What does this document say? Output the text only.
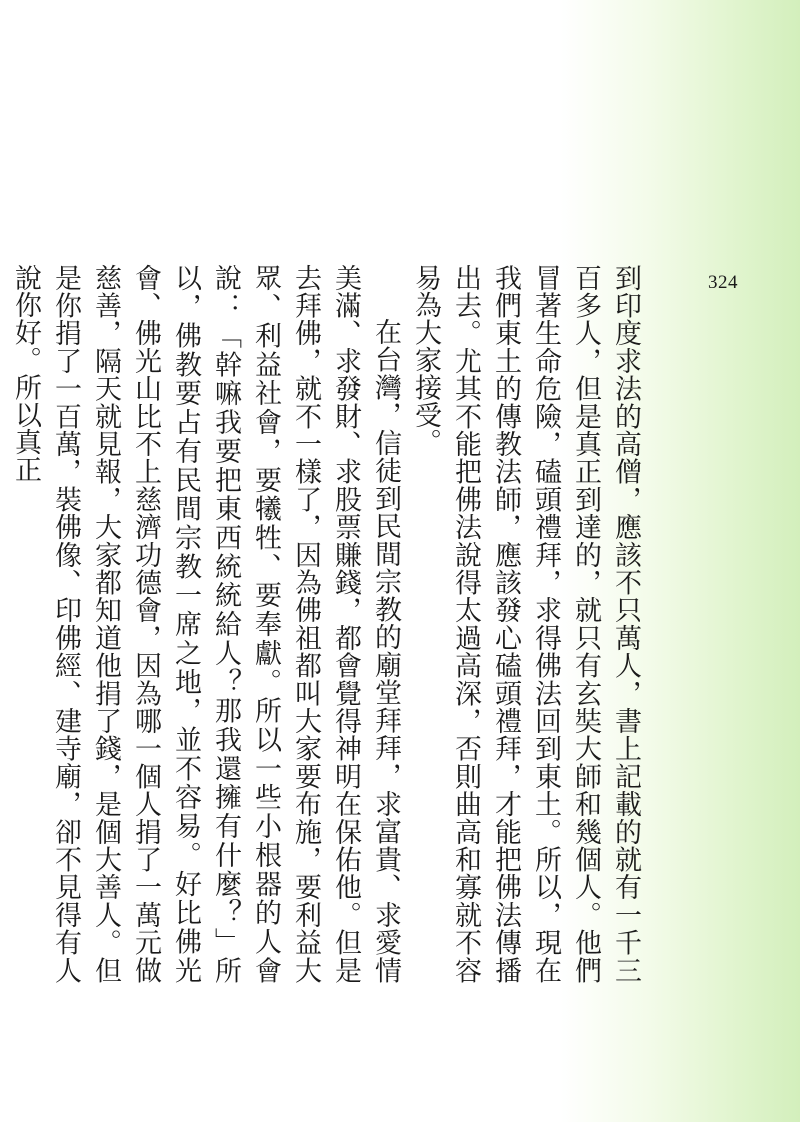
324

到印度求法的高僧，應該不只萬人，書上記載的就有一千三百多人，但是真正到達的，就只有玄奘大師和幾個人。他們冒著生命危險，磕頭禮拜，求得佛法回到東土。所以，現在我們東土的傳教法師，應該發心磕頭禮拜，才能把佛法傳播出去。尤其不能把佛法說得太過高深，否則曲高和寡就不容易為大家接受。

在台灣，信徒到民間宗教的廟堂拜拜，求富貴、求愛情美滿、求發財、求股票賺錢，都會覺得神明在保佑他。但是去拜佛，就不一樣了，因為佛祖都叫大家要布施，要利益大眾、利益社會，要犧牲、要奉獻。所以一些小根器的人會說：「幹嘛我要把東西統統給人？那我還擁有什麼？」所以，佛教要占有民間宗教一席之地，並不容易。好比佛光會、佛光山比不上慈濟功德會，因為哪一個人捐了一萬元做慈善，隔天就見報，大家都知道他捐了錢，是個大善人。但是你捐了一百萬，裝佛像、印佛經、建寺廟，卻不見得有人說你好。所以真正
